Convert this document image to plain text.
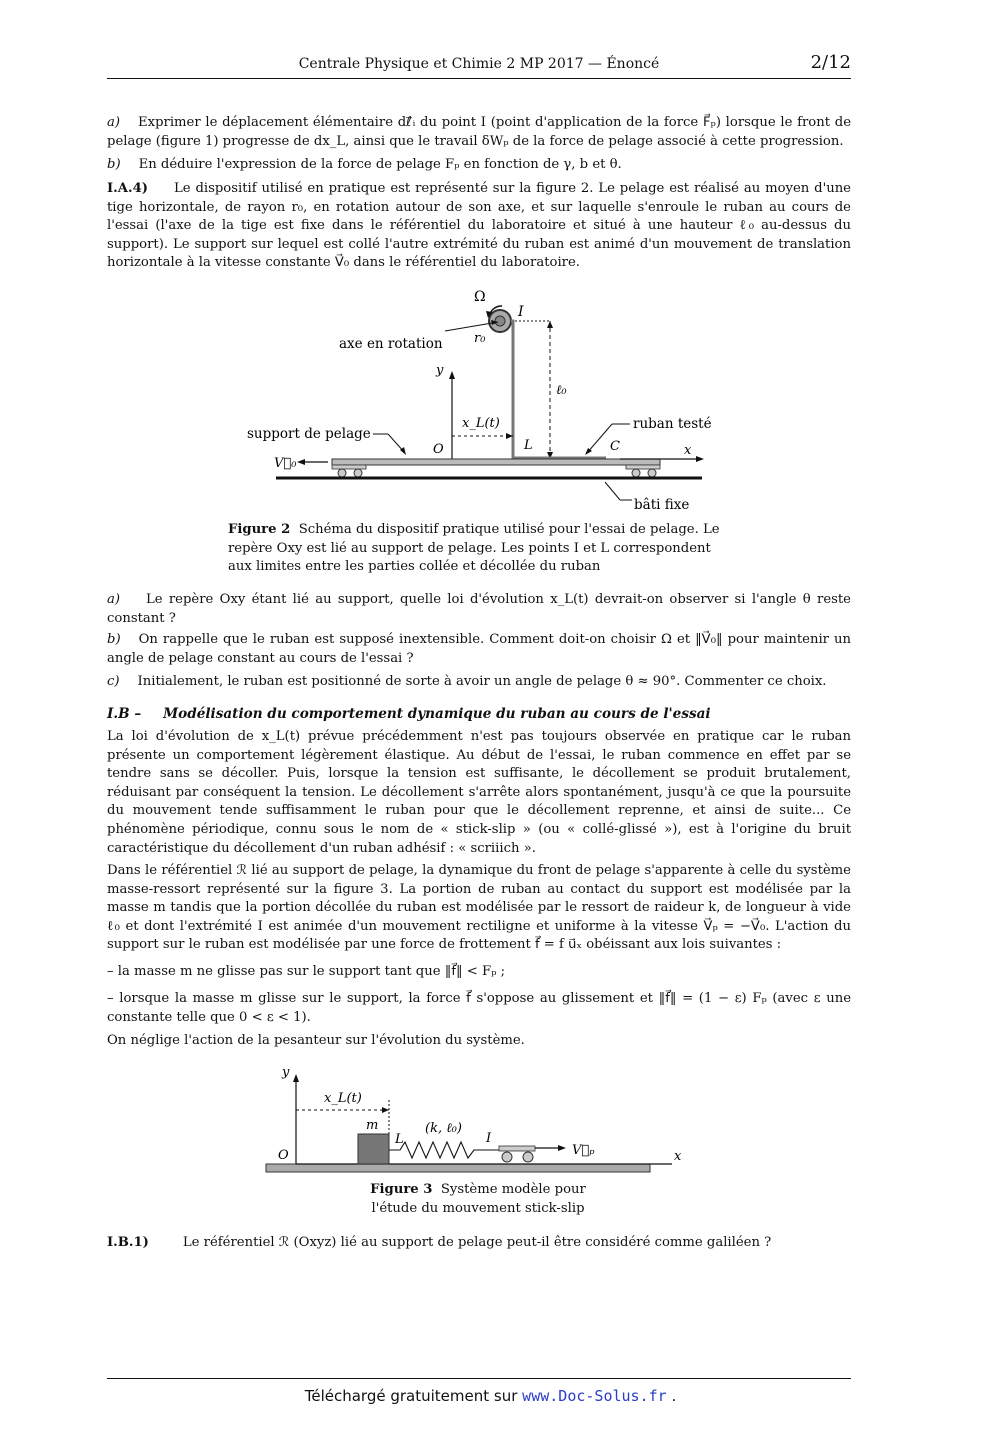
Centrale Physique et Chimie 2 MP 2017 — Énoncé	2/12
a) Exprimer le déplacement élémentaire dℓ⃗ᵢ du point I (point d'application de la force F⃗ₚ) lorsque le front de pelage (figure 1) progresse de dx_L, ainsi que le travail δWₚ de la force de pelage associé à cette progression.
b) En déduire l'expression de la force de pelage Fₚ en fonction de γ, b et θ.
I.A.4) Le dispositif utilisé en pratique est représenté sur la figure 2. Le pelage est réalisé au moyen d'une tige horizontale, de rayon r₀, en rotation autour de son axe, et sur laquelle s'enroule le ruban au cours de l'essai (l'axe de la tige est fixe dans le référentiel du laboratoire et situé à une hauteur ℓ₀ au-dessus du support). Le support sur lequel est collé l'autre extrémité du ruban est animé d'un mouvement de translation horizontale à la vitesse constante V⃗₀ dans le référentiel du laboratoire.
Ω
I
axe en rotation r₀
y
ℓ₀
x_L(t)
support de pelage
O	L	C
ruban testé
x
V⃗₀
bâti fixe
Figure 2 Schéma du dispositif pratique utilisé pour l'essai de pelage. Le repère Oxy est lié au support de pelage. Les points I et L correspondent aux limites entre les parties collée et décollée du ruban
a) Le repère Oxy étant lié au support, quelle loi d'évolution x_L(t) devrait-on observer si l'angle θ reste constant ?
b) On rappelle que le ruban est supposé inextensible. Comment doit-on choisir Ω et ‖V⃗₀‖ pour maintenir un angle de pelage constant au cours de l'essai ?
c) Initialement, le ruban est positionné de sorte à avoir un angle de pelage θ ≈ 90°. Commenter ce choix.
I.B – Modélisation du comportement dynamique du ruban au cours de l'essai
La loi d'évolution de x_L(t) prévue précédemment n'est pas toujours observée en pratique car le ruban présente un comportement légèrement élastique. Au début de l'essai, le ruban commence en effet par se tendre sans se décoller. Puis, lorsque la tension est suffisante, le décollement se produit brutalement, réduisant par conséquent la tension. Le décollement s'arrête alors spontanément, jusqu'à ce que la poursuite du mouvement tende suffisamment le ruban pour que le décollement reprenne, et ainsi de suite... Ce phénomène périodique, connu sous le nom de « stick-slip » (ou « collé-glissé »), est à l'origine du bruit caractéristique du décollement d'un ruban adhésif : « scriiich ».
Dans le référentiel ℛ lié au support de pelage, la dynamique du front de pelage s'apparente à celle du système masse-ressort représenté sur la figure 3. La portion de ruban au contact du support est modélisée par la masse m tandis que la portion décollée du ruban est modélisée par le ressort de raideur k, de longueur à vide ℓ₀ et dont l'extrémité I est animée d'un mouvement rectiligne et uniforme à la vitesse V⃗ₚ = −V⃗₀. L'action du support sur le ruban est modélisée par une force de frottement f⃗ = f u⃗ₓ obéissant aux lois suivantes :
– la masse m ne glisse pas sur le support tant que ‖f⃗‖ < Fₚ ;
– lorsque la masse m glisse sur le support, la force f⃗ s'oppose au glissement et ‖f⃗‖ = (1 − ε) Fₚ (avec ε une constante telle que 0 < ε < 1).
On néglige l'action de la pesanteur sur l'évolution du système.
y
x_L(t)
m
L
(k, ℓ₀)
I
V⃗ₚ
O	x
Figure 3 Système modèle pour
l'étude du mouvement stick-slip
I.B.1)	Le référentiel ℛ (Oxyz) lié au support de pelage peut-il être considéré comme galiléen ?
Téléchargé gratuitement sur www.Doc-Solus.fr .
